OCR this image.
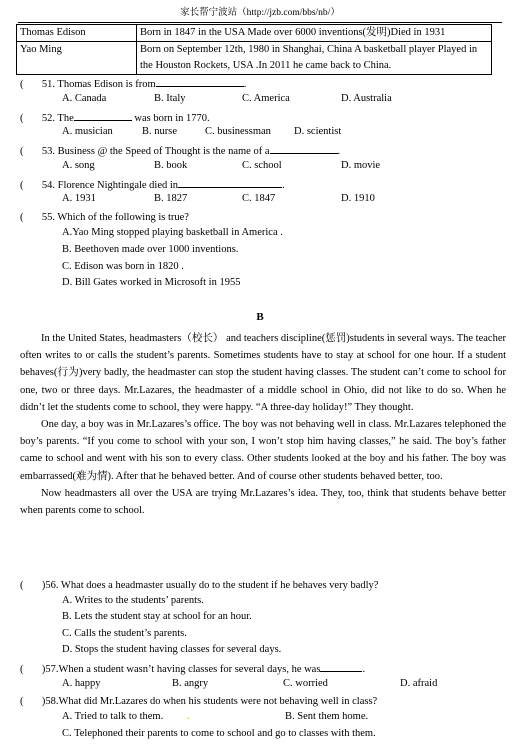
家长帮宁波站（http://jzb.com/bbs/nb/）
Thomas Edison	Born in 1847 in the USA Made over 6000 inventions(发明)Died in 1931
Yao Ming	Born on September 12th, 1980 in Shanghai, China A basketball player Played in the Houston Rockets, USA .In 2011 he came back to China.
( 51. Thomas Edison is from	.
A. Canada	B. Italy	C. America	D. Australia
( 52. The	was born in 1770.
A. musician	B. nurse	C. businessman D. scientist
( 53. Business @ the Speed of Thought is the name of a	.
A. song	B. book	C. school	D. movie
( 54. Florence Nightingale died in	.
A. 1931	B. 1827	C. 1847	D. 1910
( 55. Which of the following is true?
A.Yao Ming stopped playing basketball in America .
B. Beethoven made over 1000 inventions.
C. Edison was born in 1820 .
D. Bill Gates worked in Microsoft in 1955
B

In the United States, headmasters（校长） and teachers discipline(惩罚)students in several ways. The teacher often writes to or calls the student’s parents. Sometimes students have to stay at school for one hour. If a student behaves(行为)very badly, the headmaster can stop the student having classes. The student can’t come to school for one, two or three days. Mr.Lazares, the headmaster of a middle school in Ohio, did not like to do so. When he didn’t let the students come to school, they were happy. “A three-day holiday!” They thought.

One day, a boy was in Mr.Lazares’s office. The boy was not behaving well in class. Mr.Lazares telephoned the boy’s parents. “If you come to school with your son, I won’t stop him having classes,” he said. The boy’s father came to school and went with his son to every class. Other students looked at the boy and his father. The boy was embarrassed(难为情). After that he behaved better. And of course other students behaved better, too.

Now headmasters all over the USA are trying Mr.Lazares’s idea. They, too, think that students behave better when parents come to school.

( )56. What does a headmaster usually do to the student if he behaves very badly?
A. Writes to the students’ parents.
B. Lets the student stay at school for an hour.
C. Calls the student’s parents.
D. Stops the student having classes for several days.
( )57.When a student wasn’t having classes for several days, he was	.
A. happy	B. angry	C. worried	D. afraid
( )58.What did Mr.Lazares do when his students were not behaving well in class?
A. Tried to talk to them. .	B. Sent them home.
C. Telephoned their parents to come to school and go to classes with them.
